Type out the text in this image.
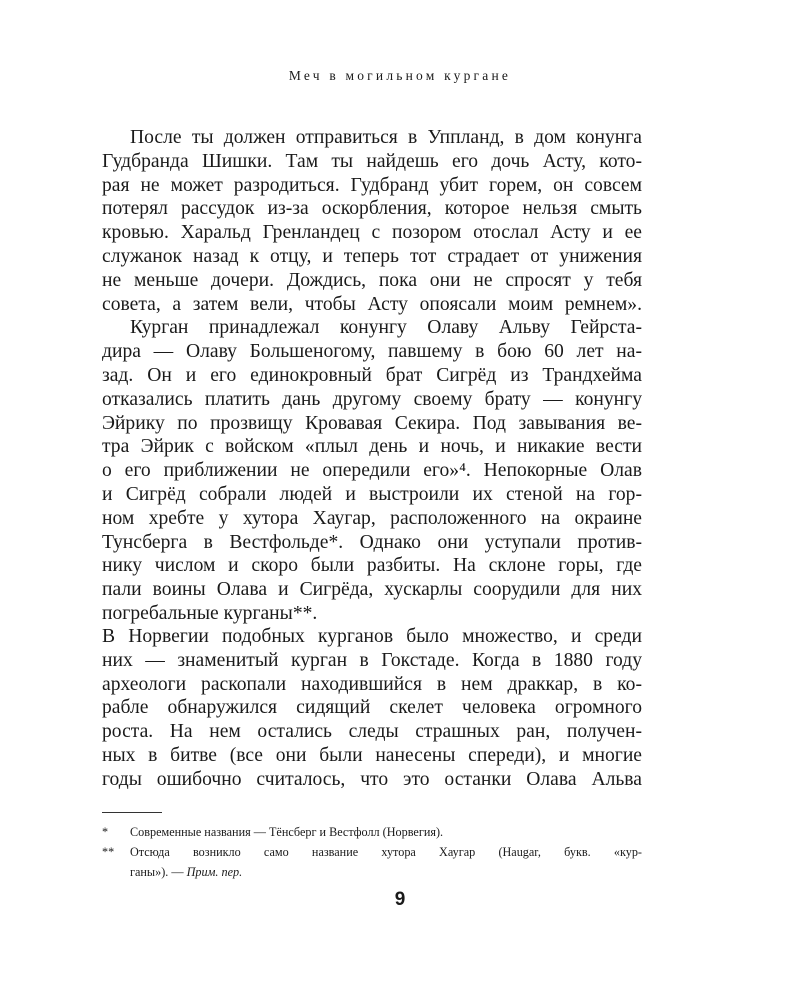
Меч в могильном кургане
После ты должен отправиться в Уппланд, в дом конунга
Гудбранда Шишки. Там ты найдешь его дочь Асту, кото-
рая не может разродиться. Гудбранд убит горем, он совсем
потерял рассудок из-за оскорбления, которое нельзя смыть
кровью. Харальд Гренландец с позором отослал Асту и ее
служанок назад к отцу, и теперь тот страдает от унижения
не меньше дочери. Дождись, пока они не спросят у тебя
совета, а затем вели, чтобы Асту опоясали моим ремнем».
Курган принадлежал конунгу Олаву Альву Гейрста-
дира — Олаву Большеногому, павшему в бою 60 лет на-
зад. Он и его единокровный брат Сигрёд из Трандхейма
отказались платить дань другому своему брату — конунгу
Эйрику по прозвищу Кровавая Секира. Под завывания ве-
тра Эйрик с войском «плыл день и ночь, и никакие вести
о его приближении не опередили его»⁴. Непокорные Олав
и Сигрёд собрали людей и выстроили их стеной на гор-
ном хребте у хутора Хаугар, расположенного на окраине
Тунсберга в Вестфольде*. Однако они уступали против-
нику числом и скоро были разбиты. На склоне горы, где
пали воины Олава и Сигрёда, хускарлы соорудили для них
погребальные курганы**.
В Норвегии подобных курганов было множество, и среди
них — знаменитый курган в Гокстаде. Когда в 1880 году
археологи раскопали находившийся в нем драккар, в ко-
рабле обнаружился сидящий скелет человека огромного
роста. На нем остались следы страшных ран, получен-
ных в битве (все они были нанесены спереди), и многие
годы ошибочно считалось, что это останки Олава Альва
*	Современные названия — Тёнсберг и Вестфолл (Норвегия).
**	Отсюда возникло само название хутора Хаугар (Haugar, букв. «кур-
ганы»). — Прим. пер.
9
